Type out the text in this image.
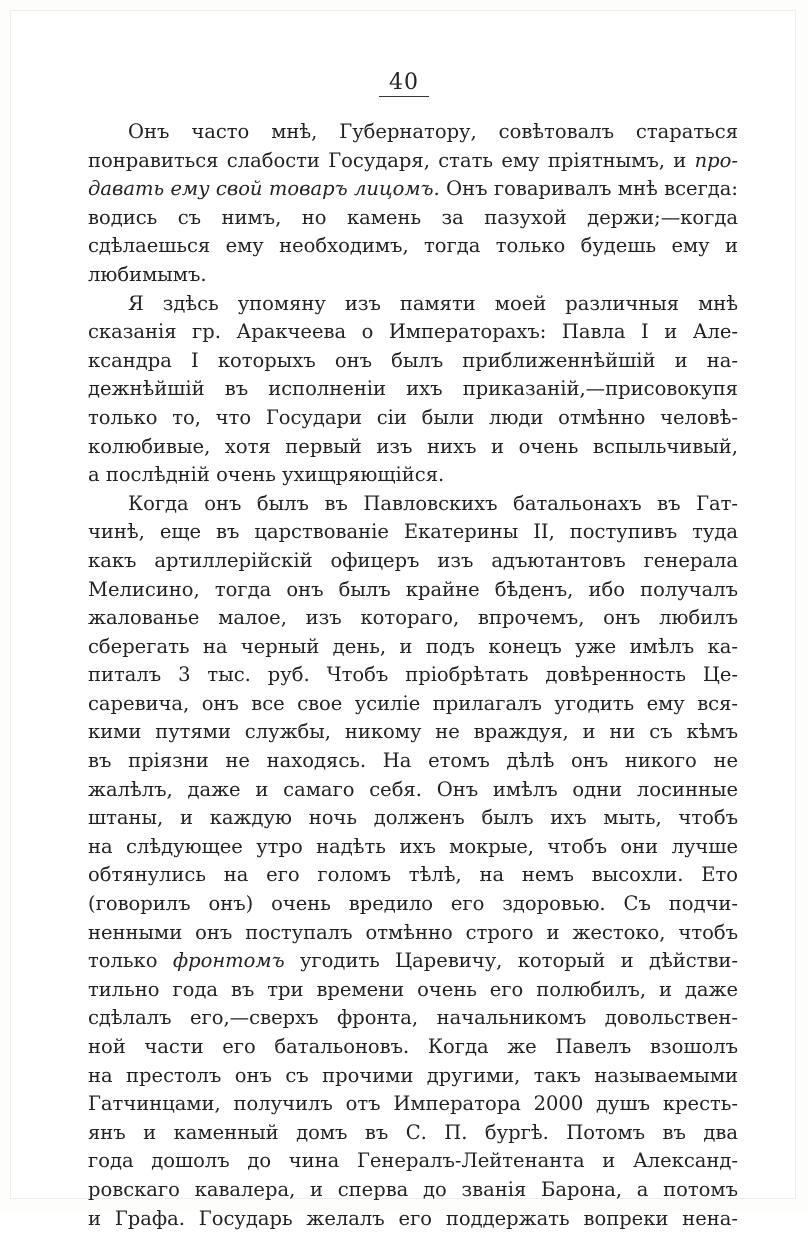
40
Онъ часто мнѣ, Губернатору, совѣтовалъ стараться
понравиться слабости Государя, стать ему пріятнымъ, и про-
давать ему свой товаръ лицомъ. Онъ говаривалъ мнѣ всегда:
водись съ нимъ, но камень за пазухой держи;—когда
сдѣлаешься ему необходимъ, тогда только будешь ему и
любимымъ.
Я здѣсь упомяну изъ памяти моей различныя мнѣ
сказанія гр. Аракчеева о Императорахъ: Павла I и Але-
ксандра I которыхъ онъ былъ приближеннѣйшій и на-
дежнѣйшій въ исполненіи ихъ приказаній,—присовокупя
только то, что Государи сіи были люди отмѣнно человѣ-
колюбивые, хотя первый изъ нихъ и очень вспыльчивый,
а послѣдній очень ухищряющійся.
Когда онъ былъ въ Павловскихъ батальонахъ въ Гат-
чинѣ, еще въ царствованіе Екатерины II, поступивъ туда
какъ артиллерійскій офицеръ изъ адъютантовъ генерала
Мелисино, тогда онъ былъ крайне бѣденъ, ибо получалъ
жалованье малое, изъ котораго, впрочемъ, онъ любилъ
сберегать на черный день, и подъ конецъ уже имѣлъ ка-
питалъ 3 тыс. руб. Чтобъ пріобрѣтать довѣренность Це-
саревича, онъ все свое усиліе прилагалъ угодить ему вся-
кими путями службы, никому не враждуя, и ни съ кѣмъ
въ пріязни не находясь. На етомъ дѣлѣ онъ никого не
жалѣлъ, даже и самаго себя. Онъ имѣлъ одни лосинные
штаны, и каждую ночь долженъ былъ ихъ мыть, чтобъ
на слѣдующее утро надѣть ихъ мокрые, чтобъ они лучше
обтянулись на его голомъ тѣлѣ, на немъ высохли. Ето
(говорилъ онъ) очень вредило его здоровью. Съ подчи-
ненными онъ поступалъ отмѣнно строго и жестоко, чтобъ
только фронтомъ угодить Царевичу, который и дѣйстви-
тильно года въ три времени очень его полюбилъ, и даже
сдѣлалъ его,—сверхъ фронта, начальникомъ довольствен-
ной части его батальоновъ. Когда же Павелъ взошолъ
на престолъ онъ съ прочими другими, такъ называемыми
Гатчинцами, получилъ отъ Императора 2000 душъ кресть-
янъ и каменный домъ въ С. П. бургѣ. Потомъ въ два
года дошолъ до чина Генералъ-Лейтенанта и Александ-
ровскаго кавалера, и сперва до званія Барона, а потомъ
и Графа. Государь желалъ его поддержать вопреки нена-
